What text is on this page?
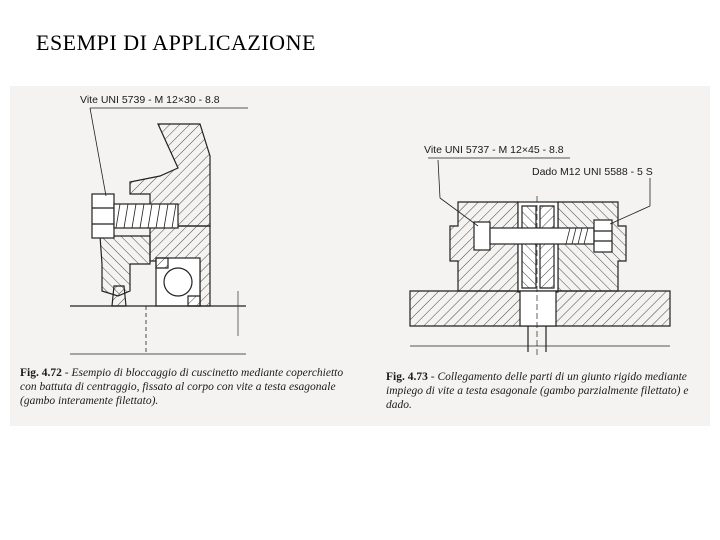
ESEMPI DI APPLICAZIONE
Vite UNI 5739 - M 12×30 - 8.8
Vite UNI 5737 - M 12×45 - 8.8
Dado M12 UNI 5588 - 5 S
Fig. 4.72 - Esempio di bloccaggio di cuscinetto mediante coperchietto con battuta di centraggio, fissato al corpo con vite a testa esagonale (gambo interamente filettato).
Fig. 4.73 - Collegamento delle parti di un giunto rigido mediante impiego di vite a testa esagonale (gambo parzialmente filettato) e dado.
